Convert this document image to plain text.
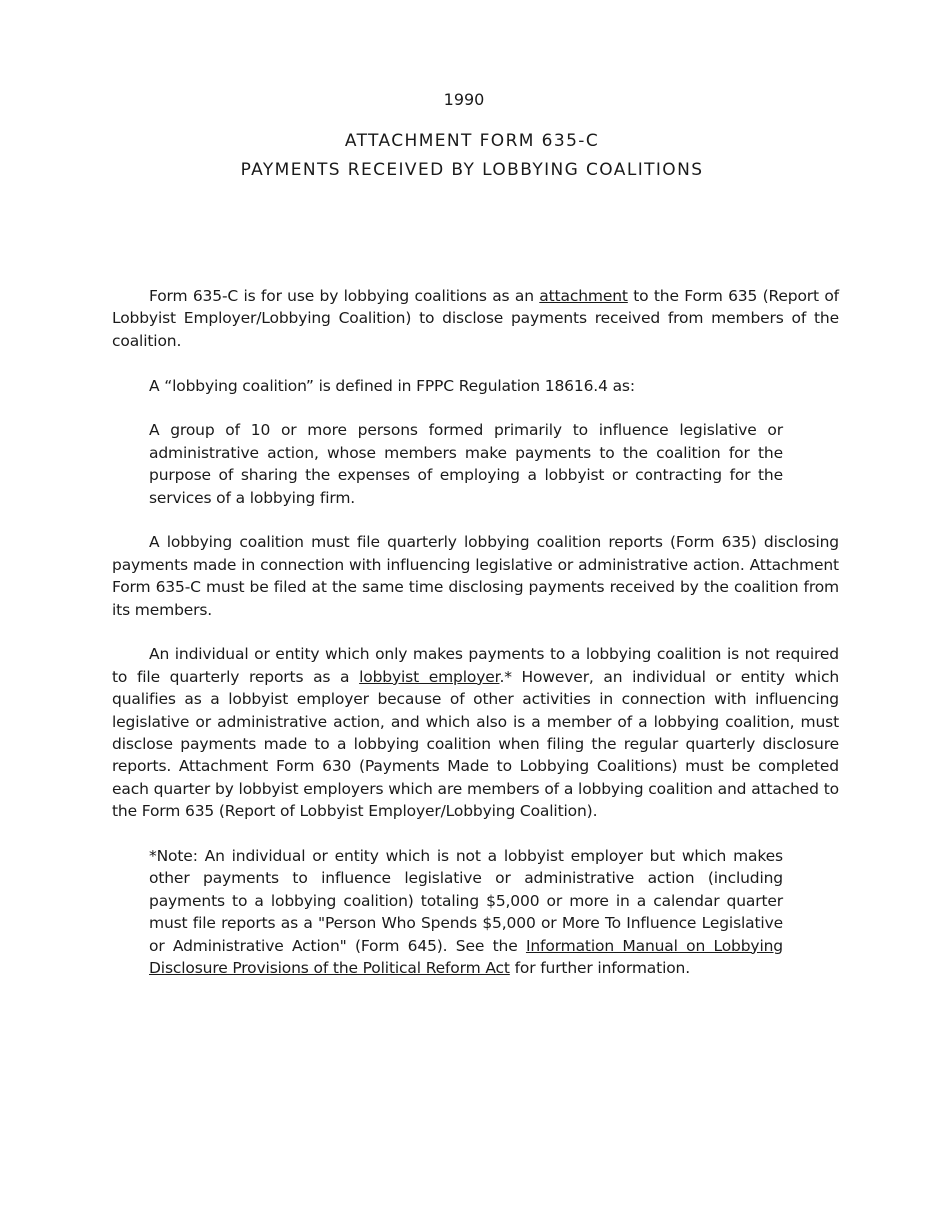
1990
ATTACHMENT FORM 635-C
PAYMENTS RECEIVED BY LOBBYING COALITIONS

Form 635-C is for use by lobbying coalitions as an attachment to the Form 635 (Report of Lobbyist Employer/Lobbying Coalition) to disclose payments received from members of the coalition.

A “lobbying coalition” is defined in FPPC Regulation 18616.4 as:

A group of 10 or more persons formed primarily to influence legislative or administrative action, whose members make payments to the coalition for the purpose of sharing the expenses of employing a lobbyist or contracting for the services of a lobbying firm.

A lobbying coalition must file quarterly lobbying coalition reports (Form 635) disclosing payments made in connection with influencing legislative or administrative action. Attachment Form 635-C must be filed at the same time disclosing payments received by the coalition from its members.

An individual or entity which only makes payments to a lobbying coalition is not required to file quarterly reports as a lobbyist employer.* However, an individual or entity which qualifies as a lobbyist employer because of other activities in connection with influencing legislative or administrative action, and which also is a member of a lobbying coalition, must disclose payments made to a lobbying coalition when filing the regular quarterly disclosure reports. Attachment Form 630 (Payments Made to Lobbying Coalitions) must be completed each quarter by lobbyist employers which are members of a lobbying coalition and attached to the Form 635 (Report of Lobbyist Employer/Lobbying Coalition).

*Note: An individual or entity which is not a lobbyist employer but which makes other payments to influence legislative or administrative action (including payments to a lobbying coalition) totaling $5,000 or more in a calendar quarter must file reports as a "Person Who Spends $5,000 or More To Influence Legislative or Administrative Action" (Form 645). See the Information Manual on Lobbying Disclosure Provisions of the Political Reform Act for further information.
